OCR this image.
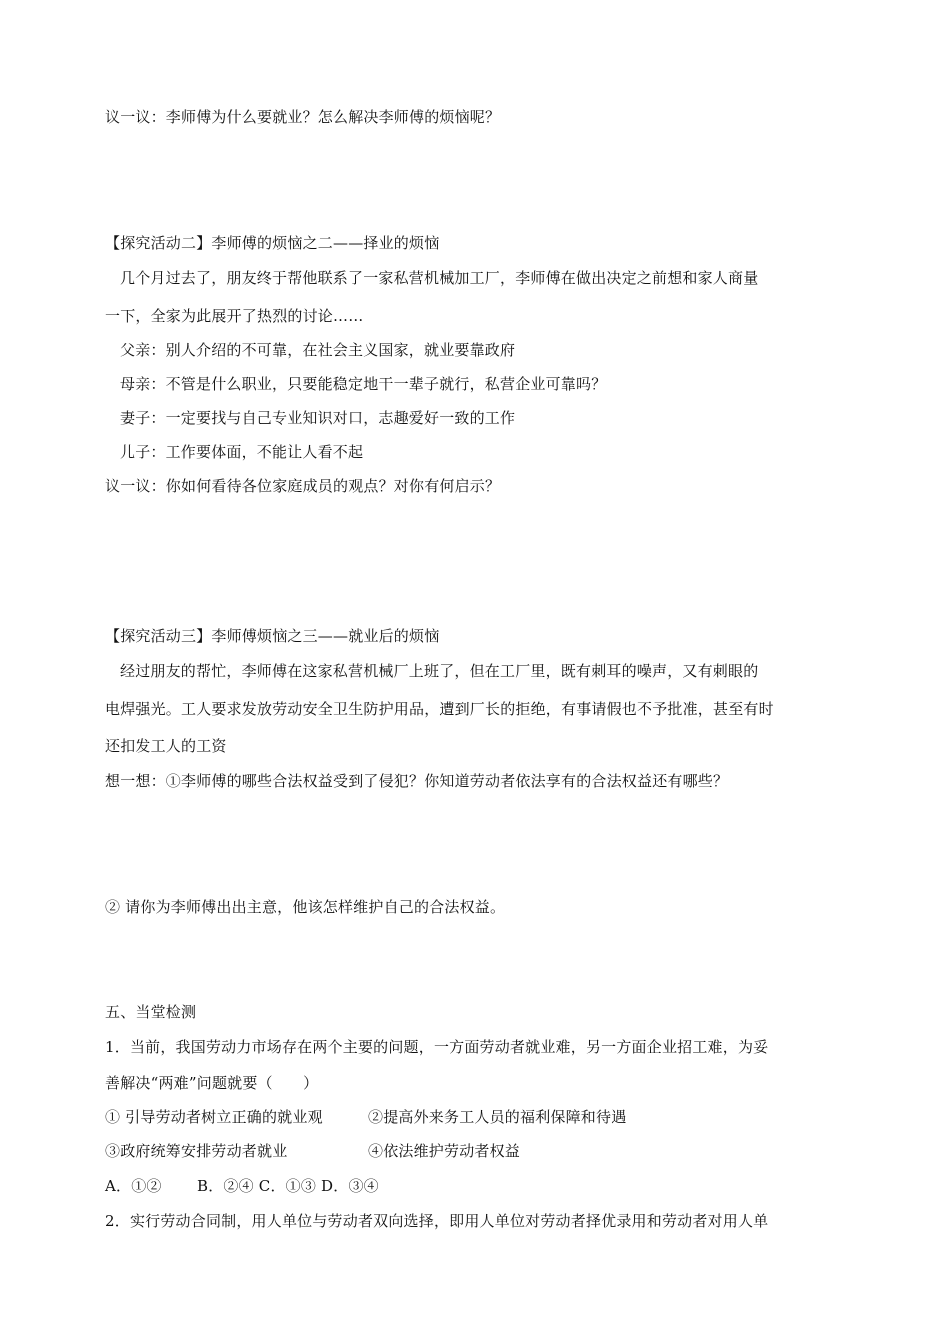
议一议：李师傅为什么要就业？怎么解决李师傅的烦恼呢？
【探究活动二】李师傅的烦恼之二——择业的烦恼
几个月过去了，朋友终于帮他联系了一家私营机械加工厂，李师傅在做出决定之前想和家人商量
一下，全家为此展开了热烈的讨论……
父亲：别人介绍的不可靠，在社会主义国家，就业要靠政府
母亲：不管是什么职业，只要能稳定地干一辈子就行，私营企业可靠吗？
妻子：一定要找与自己专业知识对口，志趣爱好一致的工作
儿子：工作要体面，不能让人看不起
议一议：你如何看待各位家庭成员的观点？对你有何启示？
【探究活动三】李师傅烦恼之三——就业后的烦恼
经过朋友的帮忙，李师傅在这家私营机械厂上班了，但在工厂里，既有刺耳的噪声，又有刺眼的
电焊强光。工人要求发放劳动安全卫生防护用品，遭到厂长的拒绝，有事请假也不予批准，甚至有时
还扣发工人的工资
想一想：①李师傅的哪些合法权益受到了侵犯？你知道劳动者依法享有的合法权益还有哪些？
② 请你为李师傅出出主意，他该怎样维护自己的合法权益。
五、当堂检测
1．当前，我国劳动力市场存在两个主要的问题，一方面劳动者就业难，另一方面企业招工难，为妥
善解决“两难”问题就要（　　）
① 引导劳动者树立正确的就业观	②提高外来务工人员的福利保障和待遇
③政府统筹安排劳动者就业	④依法维护劳动者权益
A．①②　　 B．②④ C．①③ D．③④
2．实行劳动合同制，用人单位与劳动者双向选择，即用人单位对劳动者择优录用和劳动者对用人单
